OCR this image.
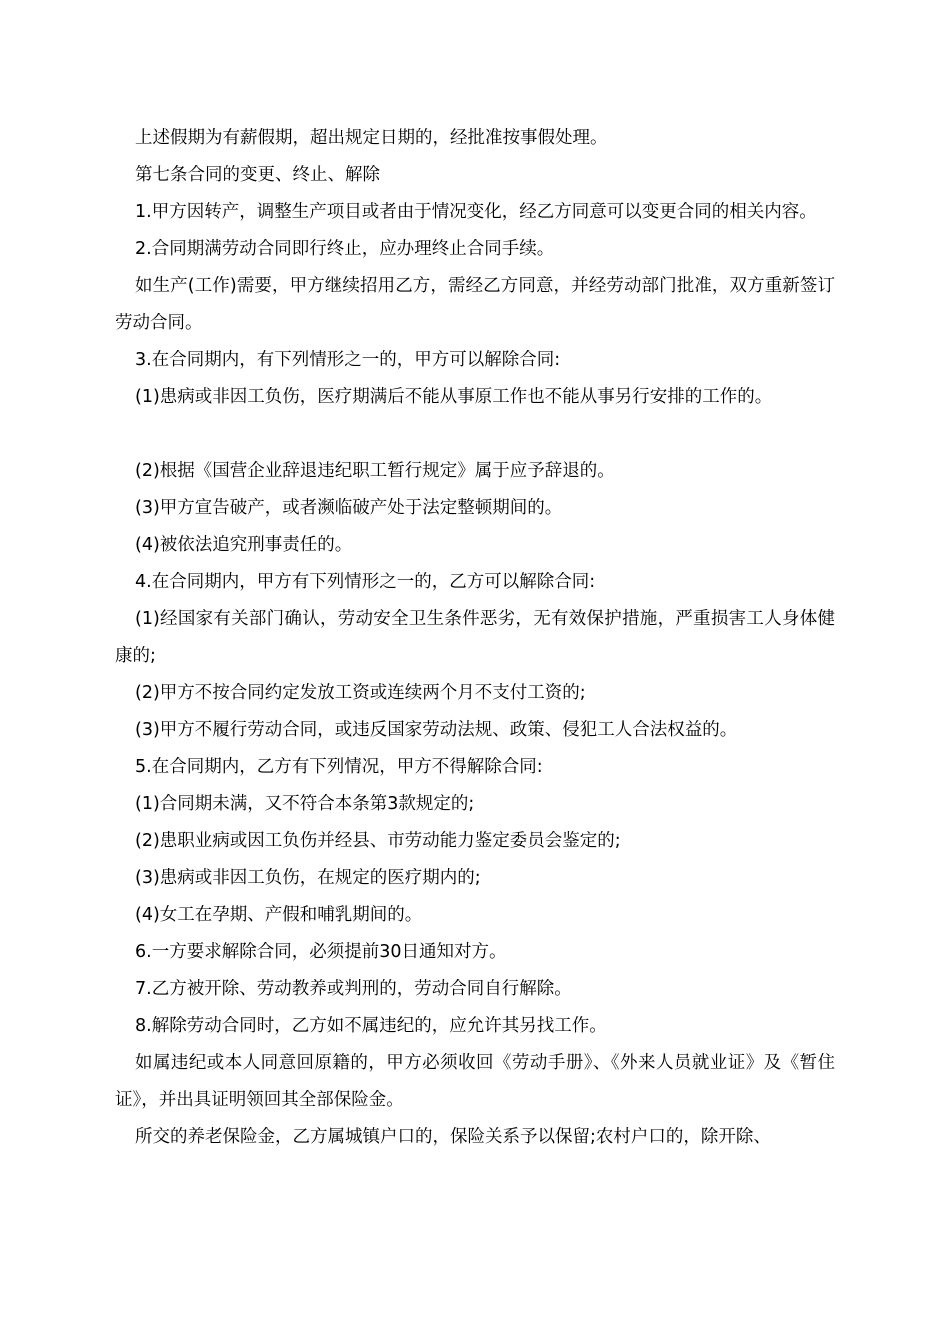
上述假期为有薪假期，超出规定日期的，经批准按事假处理。

第七条合同的变更、终止、解除

1.甲方因转产，调整生产项目或者由于情况变化，经乙方同意可以变更合同的相关内容。

2.合同期满劳动合同即行终止，应办理终止合同手续。

如生产(工作)需要，甲方继续招用乙方，需经乙方同意，并经劳动部门批准，双方重新签订劳动合同。

3.在合同期内，有下列情形之一的，甲方可以解除合同:

(1)患病或非因工负伤，医疗期满后不能从事原工作也不能从事另行安排的工作的。

(2)根据《国营企业辞退违纪职工暂行规定》属于应予辞退的。

(3)甲方宣告破产，或者濒临破产处于法定整顿期间的。

(4)被依法追究刑事责任的。

4.在合同期内，甲方有下列情形之一的，乙方可以解除合同:

(1)经国家有关部门确认，劳动安全卫生条件恶劣，无有效保护措施，严重损害工人身体健康的;

(2)甲方不按合同约定发放工资或连续两个月不支付工资的;

(3)甲方不履行劳动合同，或违反国家劳动法规、政策、侵犯工人合法权益的。

5.在合同期内，乙方有下列情况，甲方不得解除合同:

(1)合同期未满，又不符合本条第3款规定的;

(2)患职业病或因工负伤并经县、市劳动能力鉴定委员会鉴定的;

(3)患病或非因工负伤，在规定的医疗期内的;

(4)女工在孕期、产假和哺乳期间的。

6.一方要求解除合同，必须提前30日通知对方。

7.乙方被开除、劳动教养或判刑的，劳动合同自行解除。

8.解除劳动合同时，乙方如不属违纪的，应允许其另找工作。

如属违纪或本人同意回原籍的，甲方必须收回《劳动手册》、《外来人员就业证》及《暂住证》，并出具证明领回其全部保险金。

所交的养老保险金，乙方属城镇户口的，保险关系予以保留;农村户口的，除开除、
